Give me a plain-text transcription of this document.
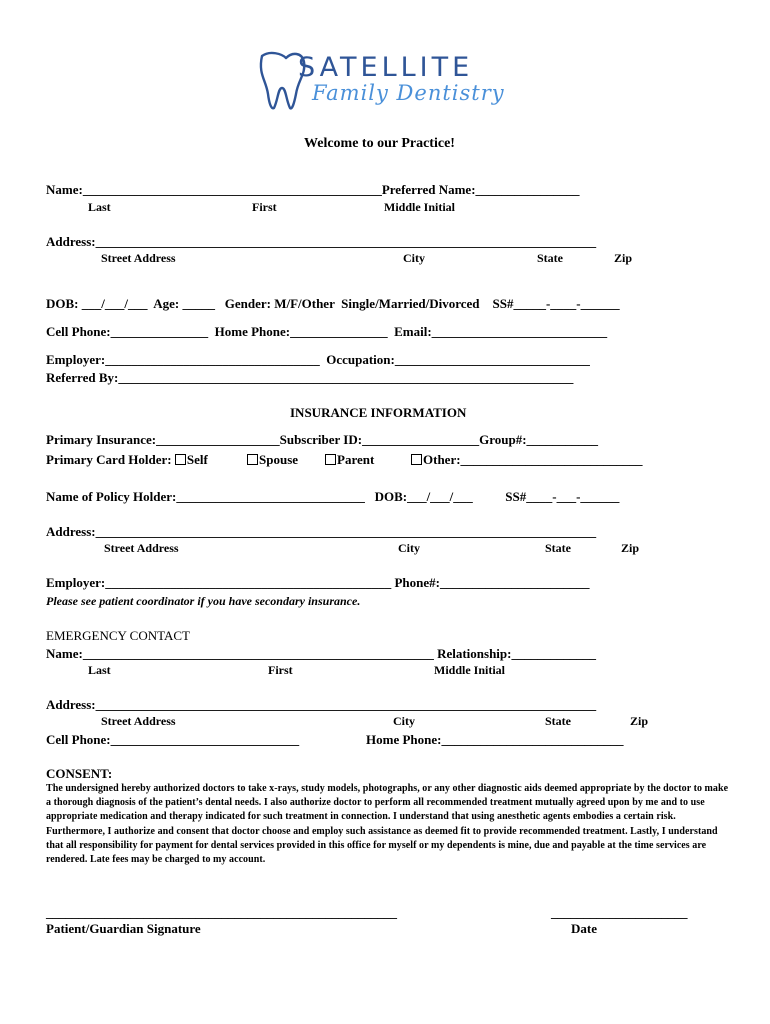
SATELLITE
Family Dentistry
Welcome to our Practice!
Name:______________________________________________Preferred Name:________________
Last	First	Middle Initial
Address:_____________________________________________________________________________
Street Address	City	State	Zip
DOB: ___/___/___  Age: _____   Gender: M/F/Other  Single/Married/Divorced    SS#_____-____-______
Cell Phone:_______________  Home Phone:_______________  Email:___________________________
Employer:_________________________________  Occupation:______________________________
Referred By:______________________________________________________________________
INSURANCE INFORMATION
Primary Insurance:___________________Subscriber ID:__________________Group#:___________
Primary Card Holder: Self	Spouse	Parent	Other:____________________________
Name of Policy Holder:_____________________________   DOB:___/___/___          SS#____-___-______
Address:_____________________________________________________________________________
Street Address	City	State	Zip
Employer:____________________________________________ Phone#:_______________________
Please see patient coordinator if you have secondary insurance.
EMERGENCY CONTACT
Name:______________________________________________________ Relationship:_____________
Last	First	Middle Initial
Address:_____________________________________________________________________________
Street Address	City	State	Zip
Cell Phone:_____________________________	Home Phone:____________________________
CONSENT:
The undersigned hereby authorized doctors to take x-rays, study models, photographs, or any other diagnostic aids deemed appropriate by the doctor to make a thorough diagnosis of the patient’s dental needs. I also authorize doctor to perform all recommended treatment mutually agreed upon by me and to use appropriate medication and therapy indicated for such treatment in connection. I understand that using anesthetic agents embodies a certain risk. Furthermore, I authorize and consent that doctor choose and employ such assistance as deemed fit to provide recommended treatment. Lastly, I understand that all responsibility for payment for dental services provided in this office for myself or my dependents is mine, due and payable at the time services are rendered. Late fees may be charged to my account.
______________________________________________________	_____________________
Patient/Guardian Signature	Date
